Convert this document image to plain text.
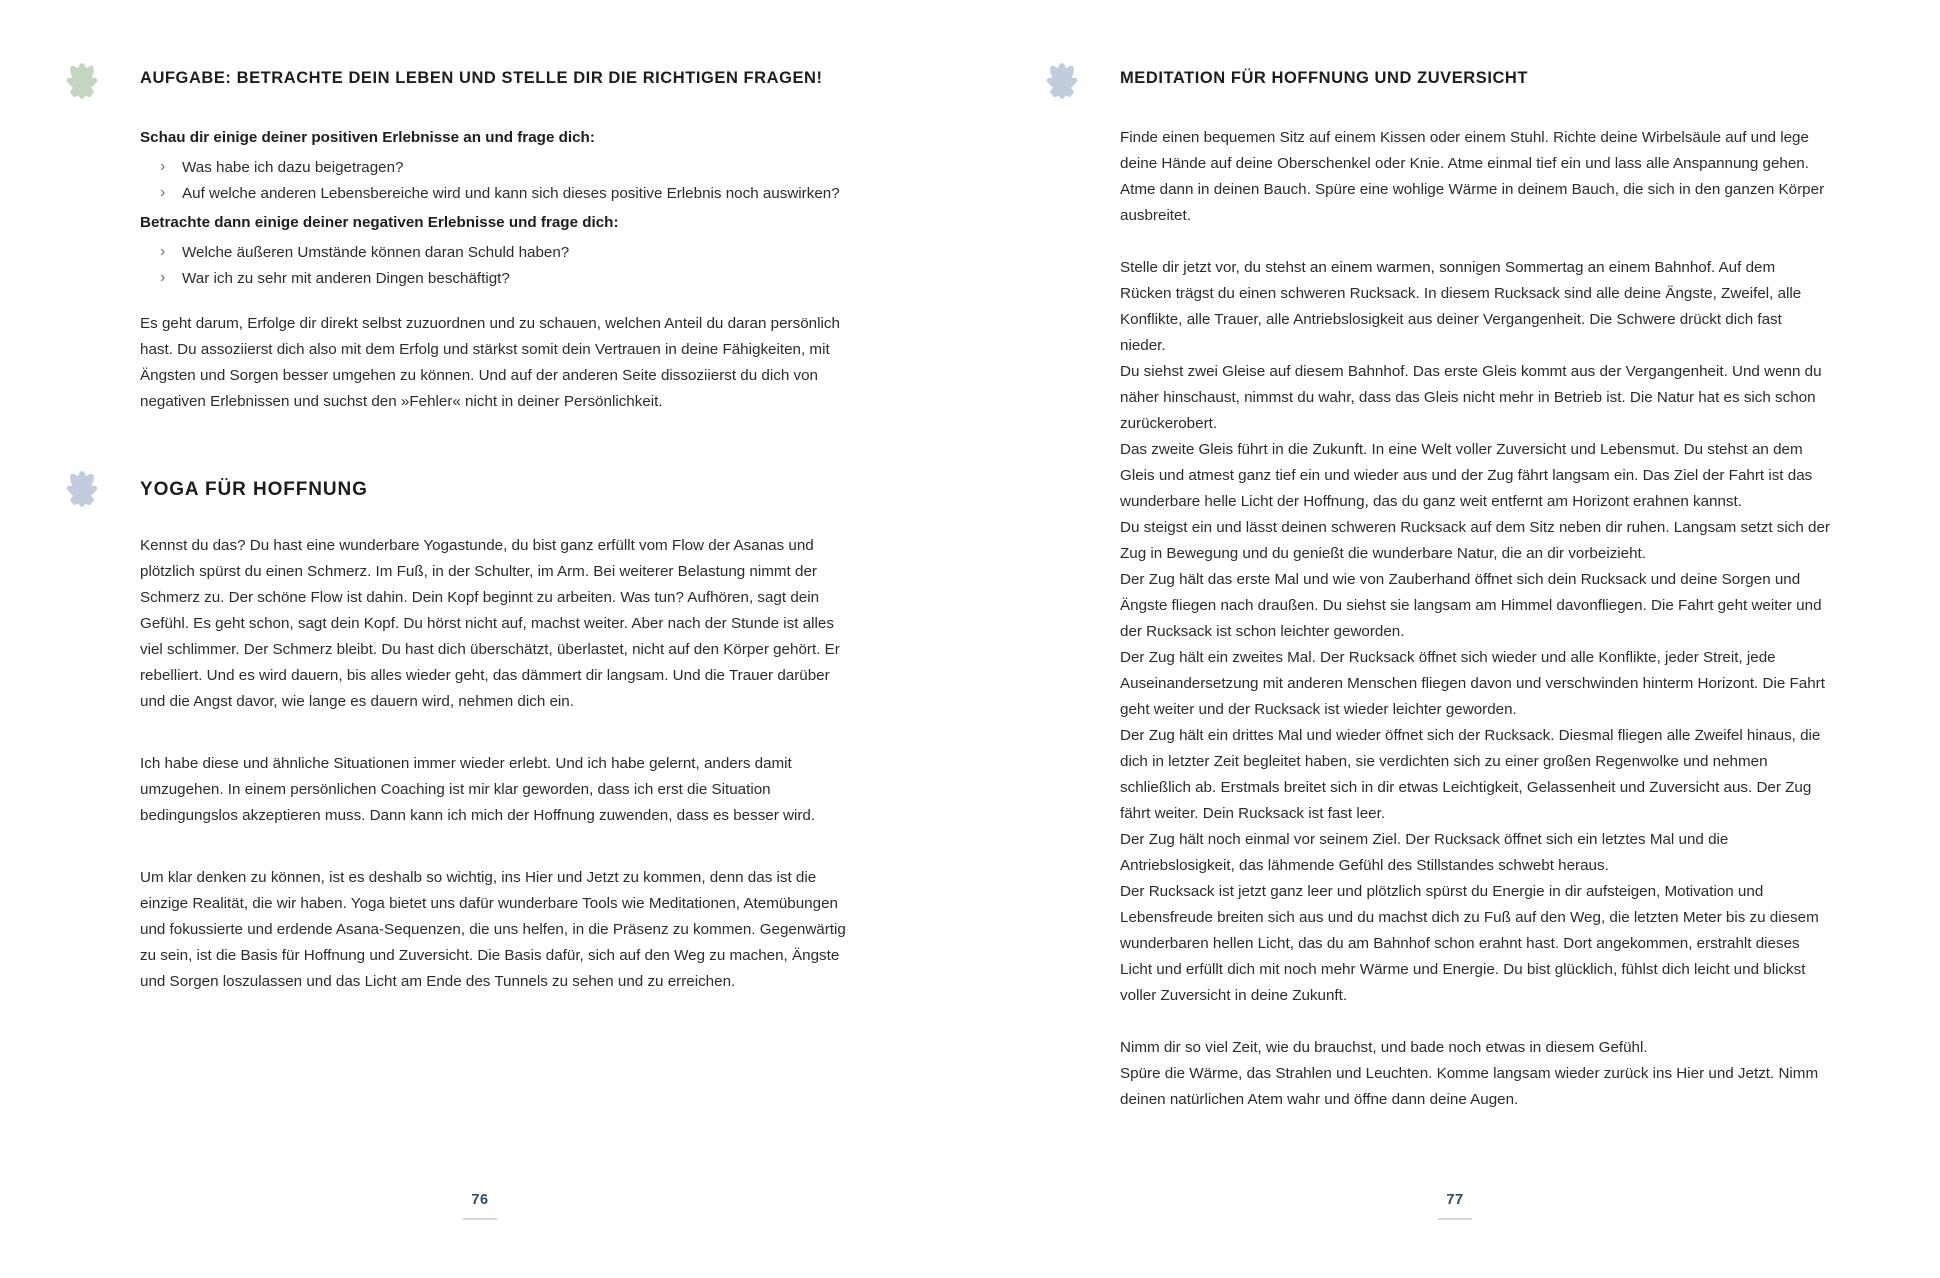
AUFGABE: BETRACHTE DEIN LEBEN UND STELLE DIR DIE RICHTIGEN FRAGEN!

Schau dir einige deiner positiven Erlebnisse an und frage dich:

› Was habe ich dazu beigetragen?
› Auf welche anderen Lebensbereiche wird und kann sich dieses positive Erlebnis noch auswirken?

Betrachte dann einige deiner negativen Erlebnisse und frage dich:

› Welche äußeren Umstände können daran Schuld haben?
› War ich zu sehr mit anderen Dingen beschäftigt?

Es geht darum, Erfolge dir direkt selbst zuzuordnen und zu schauen, welchen Anteil du daran persönlich hast. Du assoziierst dich also mit dem Erfolg und stärkst somit dein Vertrauen in deine Fähigkeiten, mit Ängsten und Sorgen besser umgehen zu können. Und auf der anderen Seite dissoziierst du dich von negativen Erlebnissen und suchst den »Fehler« nicht in deiner Persönlichkeit.

YOGA FÜR HOFFNUNG

Kennst du das? Du hast eine wunderbare Yogastunde, du bist ganz erfüllt vom Flow der Asanas und plötzlich spürst du einen Schmerz. Im Fuß, in der Schulter, im Arm. Bei weiterer Belastung nimmt der Schmerz zu. Der schöne Flow ist dahin. Dein Kopf beginnt zu arbeiten. Was tun? Aufhören, sagt dein Gefühl. Es geht schon, sagt dein Kopf. Du hörst nicht auf, machst weiter. Aber nach der Stunde ist alles viel schlimmer. Der Schmerz bleibt. Du hast dich überschätzt, überlastet, nicht auf den Körper gehört. Er rebelliert. Und es wird dauern, bis alles wieder geht, das dämmert dir langsam. Und die Trauer darüber und die Angst davor, wie lange es dauern wird, nehmen dich ein.

Ich habe diese und ähnliche Situationen immer wieder erlebt. Und ich habe gelernt, anders damit umzugehen. In einem persönlichen Coaching ist mir klar geworden, dass ich erst die Situation bedingungslos akzeptieren muss. Dann kann ich mich der Hoffnung zuwenden, dass es besser wird.

Um klar denken zu können, ist es deshalb so wichtig, ins Hier und Jetzt zu kommen, denn das ist die einzige Realität, die wir haben. Yoga bietet uns dafür wunderbare Tools wie Meditationen, Atemübungen und fokussierte und erdende Asana-Sequenzen, die uns helfen, in die Präsenz zu kommen. Gegenwärtig zu sein, ist die Basis für Hoffnung und Zuversicht. Die Basis dafür, sich auf den Weg zu machen, Ängste und Sorgen loszulassen und das Licht am Ende des Tunnels zu sehen und zu erreichen.

76
MEDITATION FÜR HOFFNUNG UND ZUVERSICHT

Finde einen bequemen Sitz auf einem Kissen oder einem Stuhl. Richte deine Wirbelsäule auf und lege deine Hände auf deine Oberschenkel oder Knie. Atme einmal tief ein und lass alle Anspannung gehen. Atme dann in deinen Bauch. Spüre eine wohlige Wärme in deinem Bauch, die sich in den ganzen Körper ausbreitet.

Stelle dir jetzt vor, du stehst an einem warmen, sonnigen Sommertag an einem Bahnhof. Auf dem Rücken trägst du einen schweren Rucksack. In diesem Rucksack sind alle deine Ängste, Zweifel, alle Konflikte, alle Trauer, alle Antriebslosigkeit aus deiner Vergangenheit. Die Schwere drückt dich fast nieder.

Du siehst zwei Gleise auf diesem Bahnhof. Das erste Gleis kommt aus der Vergangenheit. Und wenn du näher hinschaust, nimmst du wahr, dass das Gleis nicht mehr in Betrieb ist. Die Natur hat es sich schon zurückerobert.

Das zweite Gleis führt in die Zukunft. In eine Welt voller Zuversicht und Lebensmut. Du stehst an dem Gleis und atmest ganz tief ein und wieder aus und der Zug fährt langsam ein. Das Ziel der Fahrt ist das wunderbare helle Licht der Hoffnung, das du ganz weit entfernt am Horizont erahnen kannst.

Du steigst ein und lässt deinen schweren Rucksack auf dem Sitz neben dir ruhen. Langsam setzt sich der Zug in Bewegung und du genießt die wunderbare Natur, die an dir vorbeizieht.

Der Zug hält das erste Mal und wie von Zauberhand öffnet sich dein Rucksack und deine Sorgen und Ängste fliegen nach draußen. Du siehst sie langsam am Himmel davonfliegen. Die Fahrt geht weiter und der Rucksack ist schon leichter geworden.

Der Zug hält ein zweites Mal. Der Rucksack öffnet sich wieder und alle Konflikte, jeder Streit, jede Auseinandersetzung mit anderen Menschen fliegen davon und verschwinden hinterm Horizont. Die Fahrt geht weiter und der Rucksack ist wieder leichter geworden.

Der Zug hält ein drittes Mal und wieder öffnet sich der Rucksack. Diesmal fliegen alle Zweifel hinaus, die dich in letzter Zeit begleitet haben, sie verdichten sich zu einer großen Regenwolke und nehmen schließlich ab. Erstmals breitet sich in dir etwas Leichtigkeit, Gelassenheit und Zuversicht aus. Der Zug fährt weiter. Dein Rucksack ist fast leer.

Der Zug hält noch einmal vor seinem Ziel. Der Rucksack öffnet sich ein letztes Mal und die Antriebslosigkeit, das lähmende Gefühl des Stillstandes schwebt heraus.

Der Rucksack ist jetzt ganz leer und plötzlich spürst du Energie in dir aufsteigen, Motivation und Lebensfreude breiten sich aus und du machst dich zu Fuß auf den Weg, die letzten Meter bis zu diesem wunderbaren hellen Licht, das du am Bahnhof schon erahnt hast. Dort angekommen, erstrahlt dieses Licht und erfüllt dich mit noch mehr Wärme und Energie. Du bist glücklich, fühlst dich leicht und blickst voller Zuversicht in deine Zukunft.

Nimm dir so viel Zeit, wie du brauchst, und bade noch etwas in diesem Gefühl.

Spüre die Wärme, das Strahlen und Leuchten. Komme langsam wieder zurück ins Hier und Jetzt. Nimm deinen natürlichen Atem wahr und öffne dann deine Augen.

77
